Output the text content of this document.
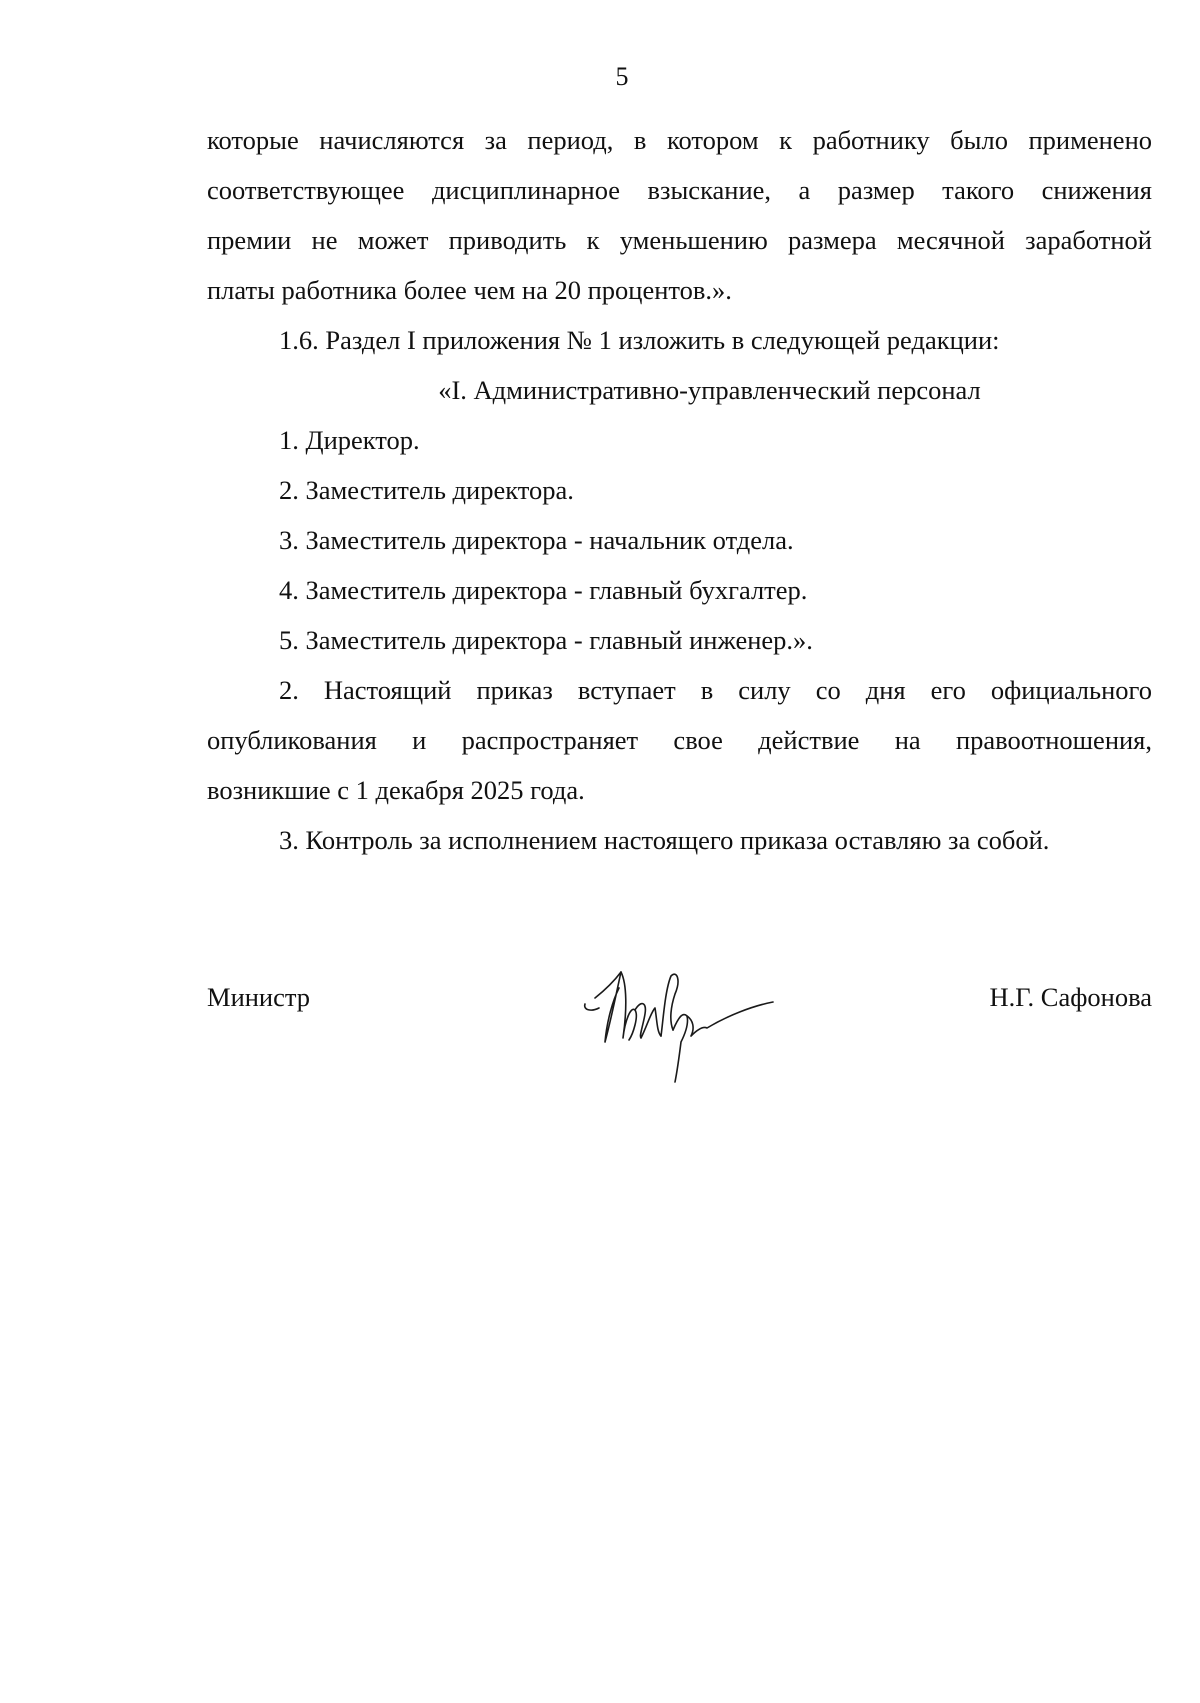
5

которые начисляются за период, в котором к работнику было применено

соответствующее дисциплинарное взыскание, а размер такого снижения

премии не может приводить к уменьшению размера месячной заработной

платы работника более чем на 20 процентов.».

1.6. Раздел I приложения № 1 изложить в следующей редакции:

«I. Административно-управленческий персонал

1. Директор.

2. Заместитель директора.

3. Заместитель директора - начальник отдела.

4. Заместитель директора - главный бухгалтер.

5. Заместитель директора - главный инженер.».

2. Настоящий приказ вступает в силу со дня его официального

опубликования и распространяет свое действие на правоотношения,

возникшие с 1 декабря 2025 года.

3. Контроль за исполнением настоящего приказа оставляю за собой.

Министр	Н.Г. Сафонова
